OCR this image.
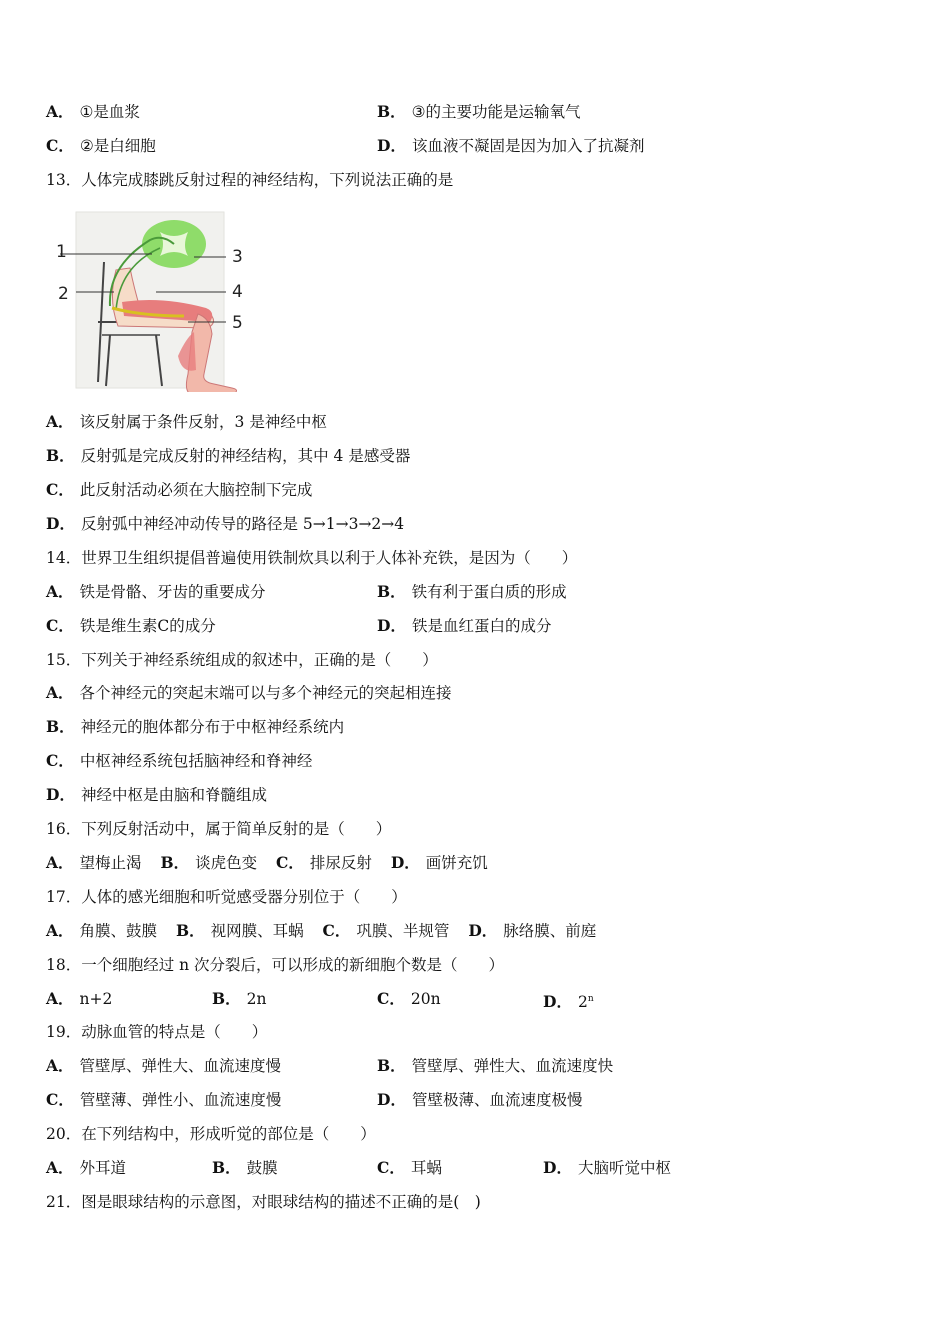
A． ①是血浆	B． ③的主要功能是运输氧气
C． ②是白细胞	D． 该血液不凝固是因为加入了抗凝剂
13．人体完成膝跳反射过程的神经结构，下列说法正确的是
1
2
3
4
5
A． 该反射属于条件反射，3 是神经中枢
B． 反射弧是完成反射的神经结构，其中 4 是感受器
C． 此反射活动必须在大脑控制下完成
D． 反射弧中神经冲动传导的路径是 5→1→3→2→4
14．世界卫生组织提倡普遍使用铁制炊具以利于人体补充铁，是因为（　　）
A． 铁是骨骼、牙齿的重要成分	B． 铁有利于蛋白质的形成
C． 铁是维生素C的成分	D． 铁是血红蛋白的成分
15．下列关于神经系统组成的叙述中，正确的是（　　）
A． 各个神经元的突起末端可以与多个神经元的突起相连接
B． 神经元的胞体都分布于中枢神经系统内
C． 中枢神经系统包括脑神经和脊神经
D． 神经中枢是由脑和脊髓组成
16．下列反射活动中，属于简单反射的是（　　）
A． 望梅止渴 B． 谈虎色变 C． 排尿反射 D． 画饼充饥
17．人体的感光细胞和听觉感受器分别位于（　　）
A． 角膜、鼓膜 B． 视网膜、耳蜗 C． 巩膜、半规管 D． 脉络膜、前庭
18．一个细胞经过 n 次分裂后，可以形成的新细胞个数是（　　）
A． n+2	B． 2n	C． 20n	D． 2$^n$
19．动脉血管的特点是（　　）
A． 管壁厚、弹性大、血流速度慢	B． 管壁厚、弹性大、血流速度快
C． 管壁薄、弹性小、血流速度慢	D． 管壁极薄、血流速度极慢
20．在下列结构中，形成听觉的部位是（　　）
A． 外耳道	B． 鼓膜	C． 耳蜗	D． 大脑听觉中枢
21．图是眼球结构的示意图，对眼球结构的描述不正确的是(　)
